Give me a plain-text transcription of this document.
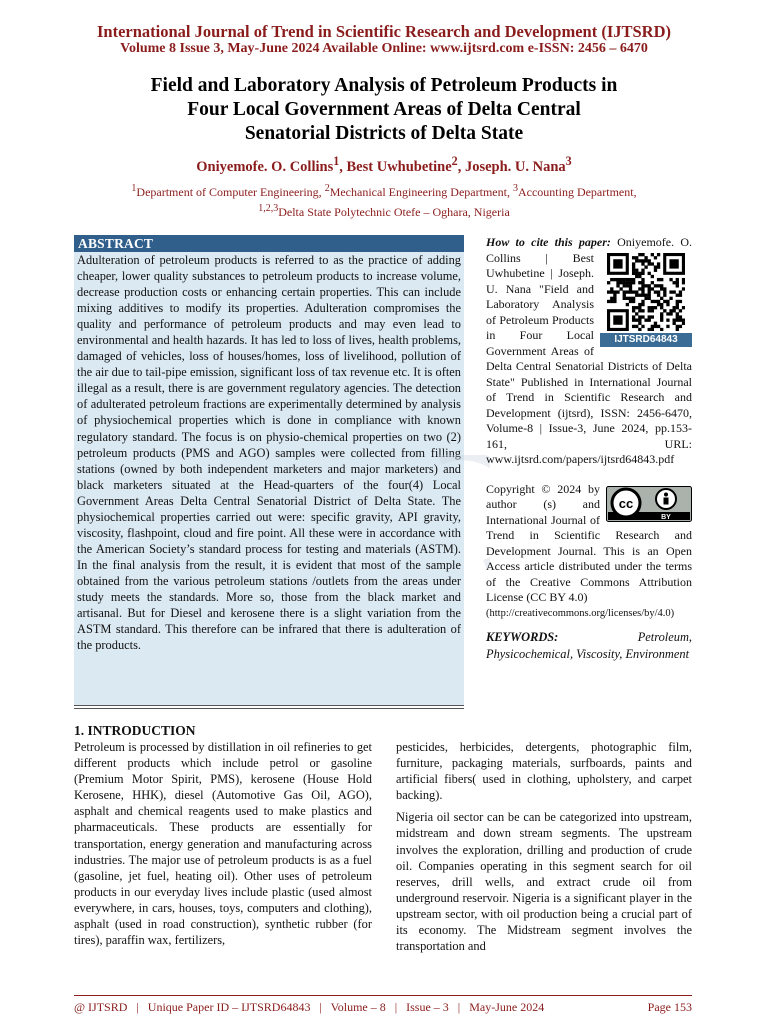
International Journal of Trend in Scientific Research and Development (IJTSRD)
Volume 8 Issue 3, May-June 2024 Available Online: www.ijtsrd.com e-ISSN: 2456 – 6470
Field and Laboratory Analysis of Petroleum Products in
Four Local Government Areas of Delta Central
Senatorial Districts of Delta State
Oniyemofe. O. Collins$^1$, Best Uwhubetine$^2$, Joseph. U. Nana$^3$
$^1$Department of Computer Engineering, $^2$Mechanical Engineering Department, $^3$Accounting Department,
$^{1,2,3}$Delta State Polytechnic Otefe – Oghara, Nigeria
ABSTRACT
Adulteration of petroleum products is referred to as the practice of adding cheaper, lower quality substances to petroleum products to increase volume, decrease production costs or enhancing certain properties. This can include mixing additives to modify its properties. Adulteration compromises the quality and performance of petroleum products and may even lead to environmental and health hazards. It has led to loss of lives, health problems, damaged of vehicles, loss of houses/homes, loss of livelihood, pollution of the air due to tail-pipe emission, significant loss of tax revenue etc. It is often illegal as a result, there is are government regulatory agencies. The detection of adulterated petroleum fractions are experimentally determined by analysis of physiochemical properties which is done in compliance with known regulatory standard. The focus is on physio-chemical properties on two (2) petroleum products (PMS and AGO) samples were collected from filling stations (owned by both independent marketers and major marketers) and black marketers situated at the Head-quarters of the four(4) Local Government Areas Delta Central Senatorial District of Delta State. The physiochemical properties carried out were: specific gravity, API gravity, viscosity, flashpoint, cloud and fire point. All these were in accordance with the American Society’s standard process for testing and materials (ASTM). In the final analysis from the result, it is evident that most of the sample obtained from the various petroleum stations /outlets from the areas under study meets the standards. More so, those from the black market and artisanal. But for Diesel and kerosene there is a slight variation from the ASTM standard. This therefore can be infrared that there is adulteration of the products.
How to cite this paper:
IJTSRD64843
Oniyemofe. O. Collins | Best Uwhubetine | Joseph. U. Nana "Field and Laboratory Analysis of Petroleum Products in Four Local Government Areas of Delta Central Senatorial Districts of Delta State" Published in International Journal of Trend in Scientific Research and Development (ijtsrd), ISSN: 2456-6470, Volume-8 | Issue-3, June 2024, pp.153-161, URL: www.ijtsrd.com/papers/ijtsrd64843.pdf
cc
BY
Copyright © 2024 by author (s) and International Journal of Trend in Scientific Research and Development Journal. This is an Open Access article distributed under the terms of the Creative Commons Attribution License (CC BY 4.0)
(http://creativecommons.org/licenses/by/4.0)
KEYWORDS:	Petroleum, Physicochemical, Viscosity, Environment
1. INTRODUCTION

Petroleum is processed by distillation in oil refineries to get different products which include petrol or gasoline (Premium Motor Spirit, PMS), kerosene (House Hold Kerosene, HHK), diesel (Automotive Gas Oil, AGO), asphalt and chemical reagents used to make plastics and pharmaceuticals. These products are essentially for transportation, energy generation and manufacturing across industries. The major use of petroleum products is as a fuel (gasoline, jet fuel, heating oil). Other uses of petroleum products in our everyday lives include plastic (used almost everywhere, in cars, houses, toys, computers and clothing), asphalt (used in road construction), synthetic rubber (for tires), paraffin wax, fertilizers,

pesticides, herbicides, detergents, photographic film, furniture, packaging materials, surfboards, paints and artificial fibers( used in clothing, upholstery, and carpet backing).

Nigeria oil sector can be can be categorized into upstream, midstream and down stream segments. The upstream involves the exploration, drilling and production of crude oil. Companies operating in this segment search for oil reserves, drill wells, and extract crude oil from underground reservoir. Nigeria is a significant player in the upstream sector, with oil production being a crucial part of its economy. The Midstream segment involves the transportation and

@ IJTSRD   |   Unique Paper ID – IJTSRD64843   |   Volume – 8   |   Issue – 3   |   May-June 2024	Page 153
